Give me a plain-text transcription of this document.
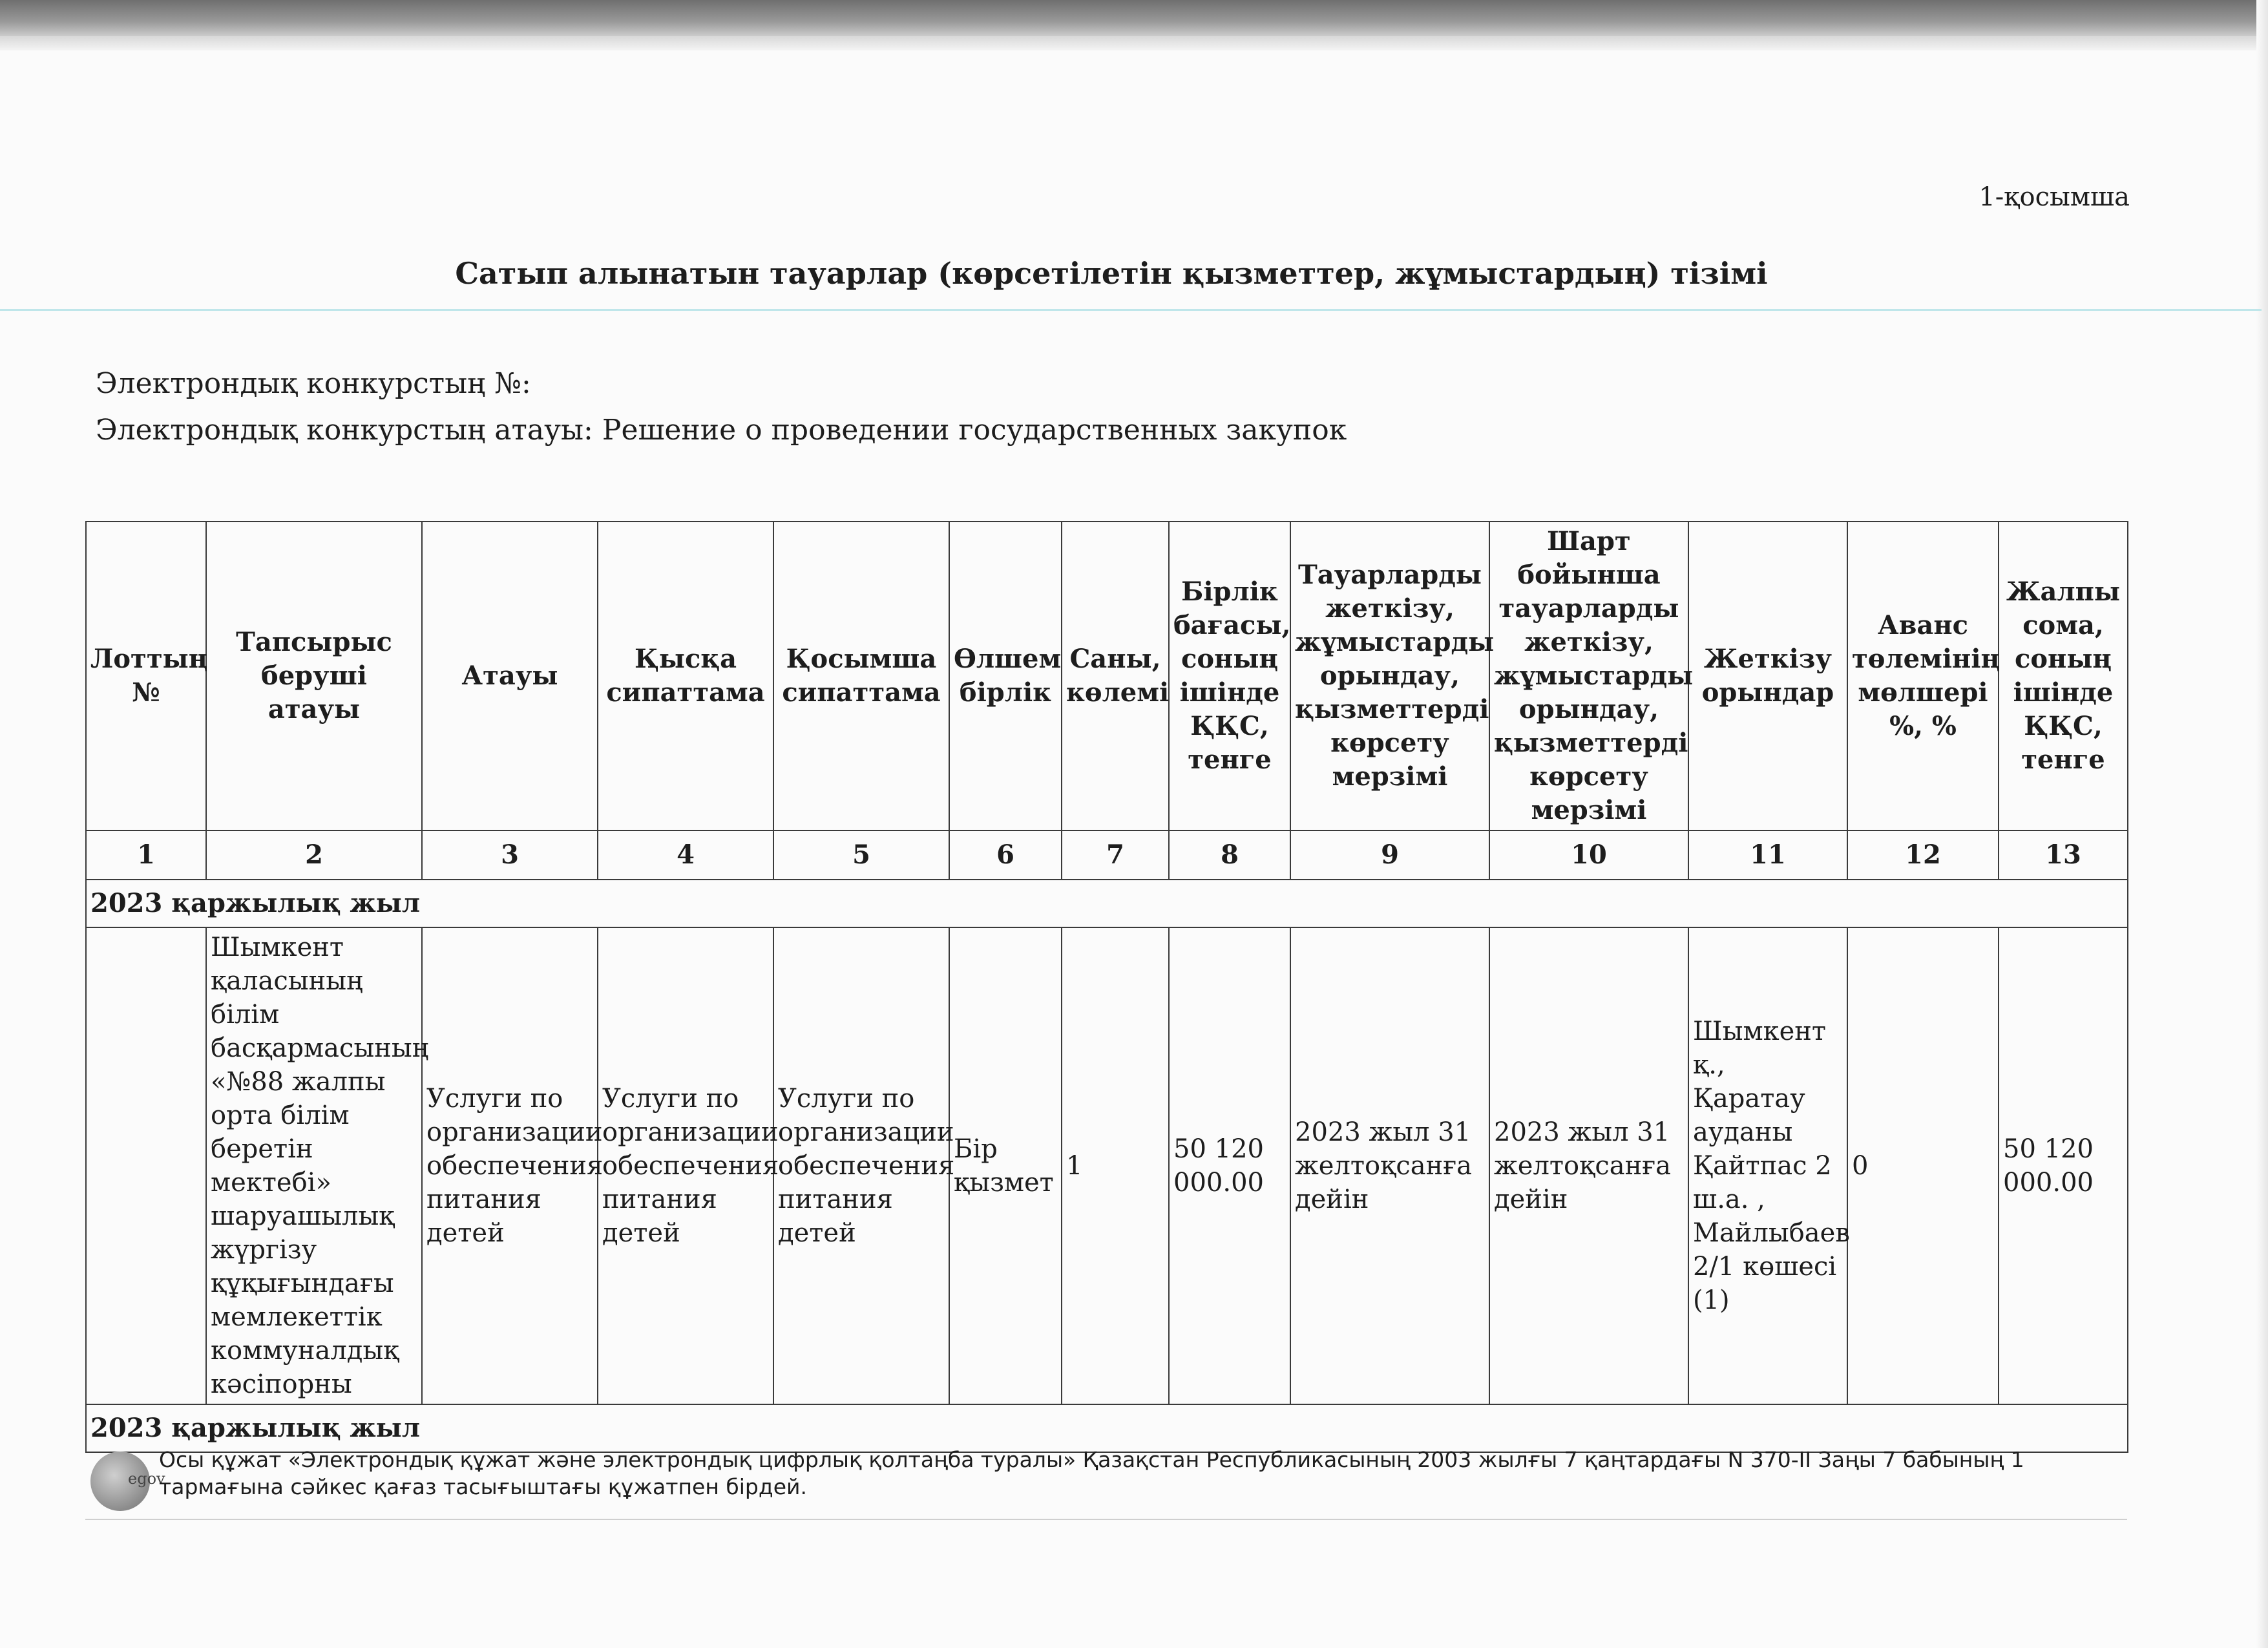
1-қосымша
Сатып алынатын тауарлар (көрсетілетін қызметтер, жұмыстардың) тізімі
Электрондық конкурстың №:
Электрондық конкурстың атауы: Решение о проведении государственных закупок
Лоттың №	Тапсырыс беруші атауы	Атауы	Қысқа сипаттама	Қосымша сипаттама	Өлшем бірлік	Саны, көлемі	Бірлік бағасы, соның ішінде ҚҚС, тенге	Тауарларды жеткізу, жұмыстарды орындау, қызметтерді көрсету мерзімі	Шарт бойынша тауарларды жеткізу, жұмыстарды орындау, қызметтерді көрсету мерзімі	Жеткізу орындар	Аванс төлемінің мөлшері %, %	Жалпы сома, соның ішінде ҚҚС, тенге
1	2	3	4	5	6	7	8	9	10	11	12	13
2023 қаржылық жыл												
	Шымкент қаласының білім басқармасының «№88 жалпы орта білім беретін мектебі» шаруашылық жүргізу құқығындағы мемлекеттік коммуналдық кәсіпорны	Услуги по организации обеспечения питания детей	Услуги по организации обеспечения питания детей	Услуги по организации обеспечения питания детей	Бір қызмет	1	50 120 000.00	2023 жыл 31 желтоқсанға дейін	2023 жыл 31 желтоқсанға дейін	Шымкент қ., Қаратау ауданы Қайтпас 2 ш.а. , Майлыбаев 2/1 көшесі (1)	0	50 120 000.00
2023 қаржылық жыл												
egov
Осы құжат «Электрондық құжат және электрондық цифрлық қолтаңба туралы» Қазақстан Республикасының 2003 жылғы 7 қаңтардағы N 370-II Заңы 7 бабының 1 тармағына сәйкес қағаз тасығыштағы құжатпен бірдей.
